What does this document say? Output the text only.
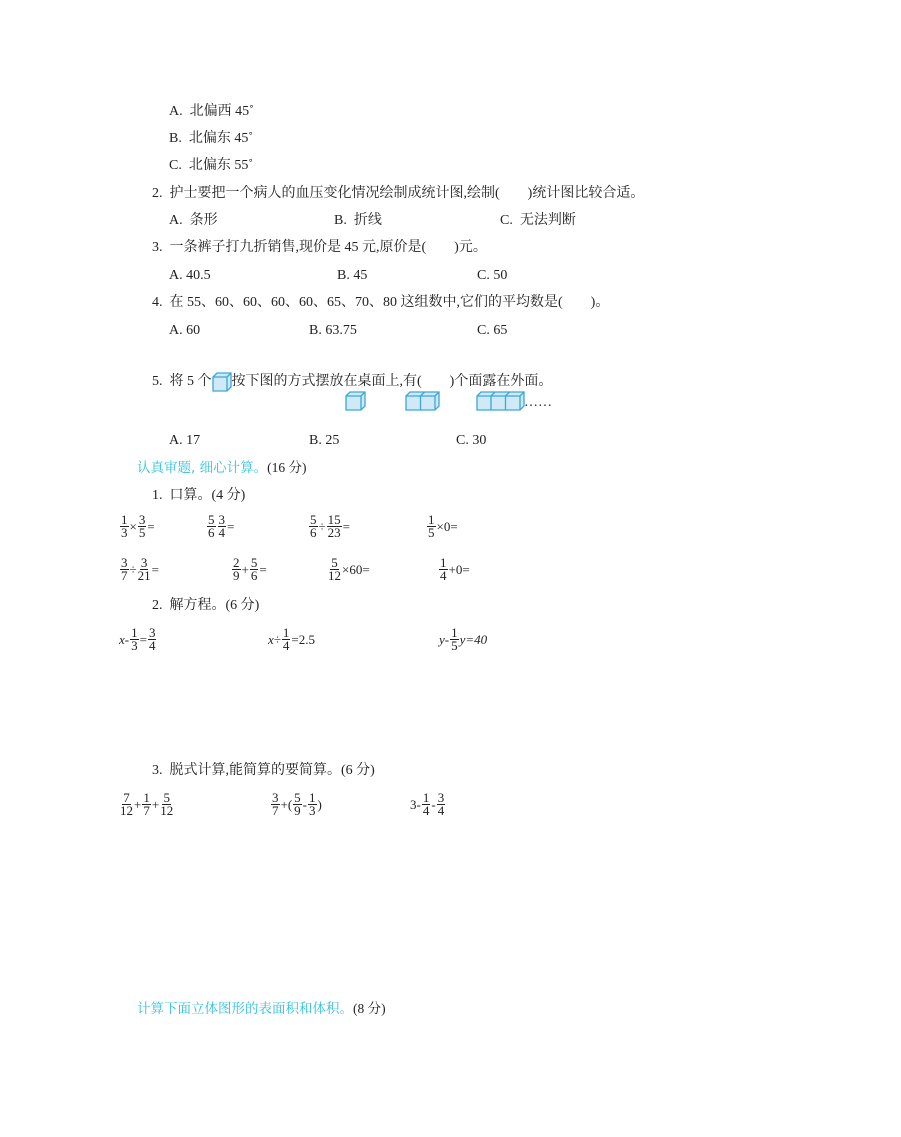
A.  北偏西 45˚
B.  北偏东 45˚
C.  北偏东 55˚
2.  护士要把一个病人的血压变化情况绘制成统计图,绘制(        )统计图比较合适。
A.  条形	B.  折线	C.  无法判断
3.  一条裤子打九折销售,现价是 45 元,原价是(        )元。
A. 40.5	B. 45	C. 50
4.  在 55、60、60、60、60、65、70、80 这组数中,它们的平均数是(        )。
A. 60	B. 63.75	C. 65

5.  将 5 个 按下图的方式摆放在桌面上,有(        )个面露在外面。

……
A. 17	B. 25	C. 30
认真审题, 细心计算。(16 分)
1.  口算。(4 分)
$\frac{1}{3} \times \frac{3}{5}$ =	$\frac{5}{6} \frac{3}{4}$ =	$\frac{5}{6} \div \frac{15}{23}$ =	$\frac{1}{5} \times 0=$
$\frac{3}{7} \div \frac{3}{21}$ =	$\frac{2}{9} + \frac{5}{6}$ =	$\frac{5}{12} \times 60=$	$\frac{1}{4} +0=$
2.  解方程。(6 分)
$x- \frac{1}{3} = \frac{3}{4}$	$x\div \frac{1}{4} =2.5$	$y- \frac{1}{5} y=40$
3.  脱式计算,能简算的要简算。(6 分)
$\frac{7}{12} + \frac{1}{7} + \frac{5}{12}$	$\frac{3}{7}$ +( $\frac{5}{9} - \frac{1}{3}$ )	$3- \frac{1}{4} - \frac{3}{4}$
计算下面立体图形的表面积和体积。(8 分)
